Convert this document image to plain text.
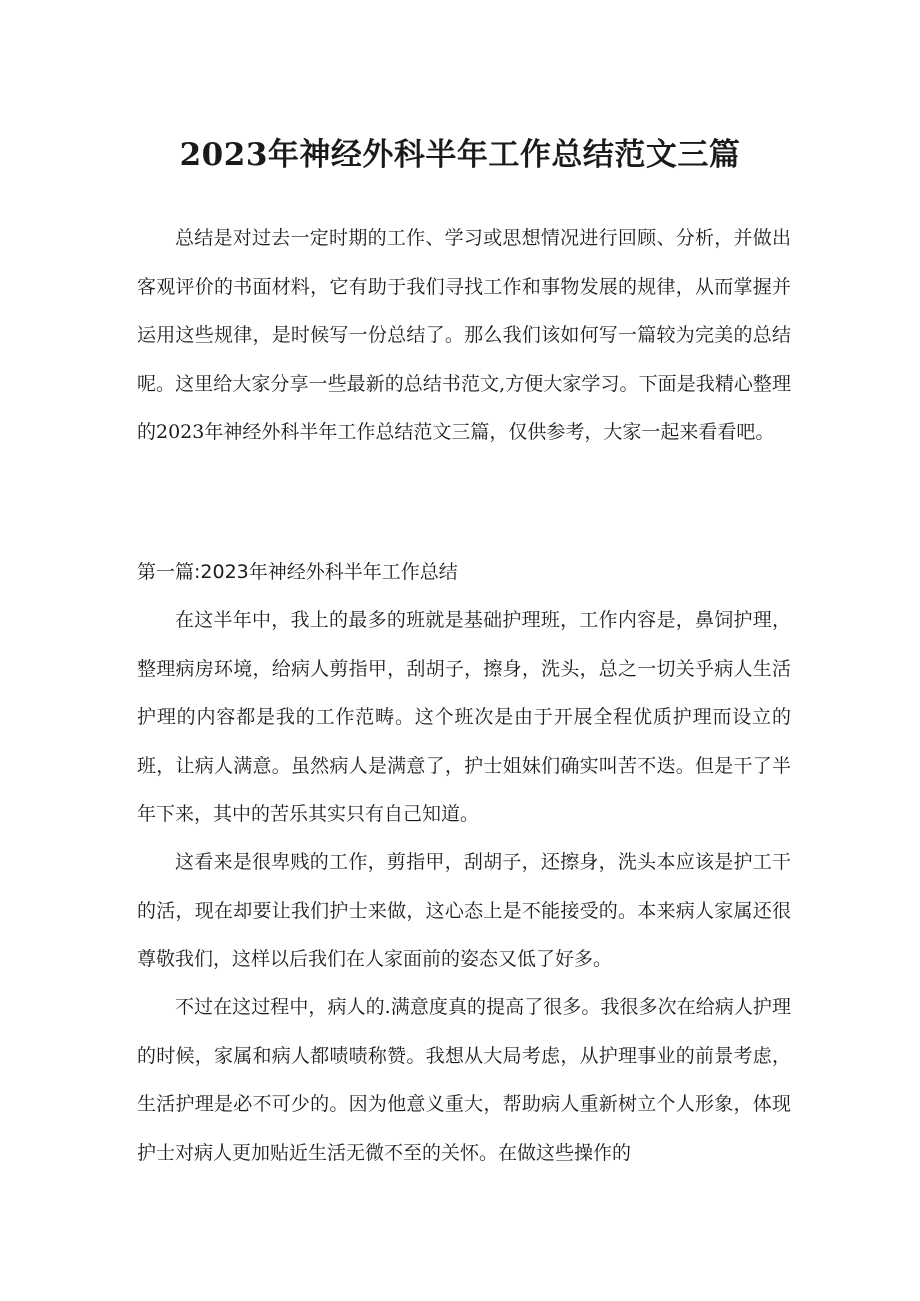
2023年神经外科半年工作总结范文三篇

总结是对过去一定时期的工作、学习或思想情况进行回顾、分析，并做出客观评价的书面材料，它有助于我们寻找工作和事物发展的规律，从而掌握并运用这些规律，是时候写一份总结了。那么我们该如何写一篇较为完美的总结呢。这里给大家分享一些最新的总结书范文,方便大家学习。下面是我精心整理的2023年神经外科半年工作总结范文三篇，仅供参考，大家一起来看看吧。

第一篇:2023年神经外科半年工作总结

在这半年中，我上的最多的班就是基础护理班，工作内容是，鼻饲护理，整理病房环境，给病人剪指甲，刮胡子，擦身，洗头，总之一切关乎病人生活护理的内容都是我的工作范畴。这个班次是由于开展全程优质护理而设立的班，让病人满意。虽然病人是满意了，护士姐妹们确实叫苦不迭。但是干了半年下来，其中的苦乐其实只有自己知道。

这看来是很卑贱的工作，剪指甲，刮胡子，还擦身，洗头本应该是护工干的活，现在却要让我们护士来做，这心态上是不能接受的。本来病人家属还很尊敬我们，这样以后我们在人家面前的姿态又低了好多。

不过在这过程中，病人的.满意度真的提高了很多。我很多次在给病人护理的时候，家属和病人都啧啧称赞。我想从大局考虑，从护理事业的前景考虑，生活护理是必不可少的。因为他意义重大，帮助病人重新树立个人形象，体现护士对病人更加贴近生活无微不至的关怀。在做这些操作的
